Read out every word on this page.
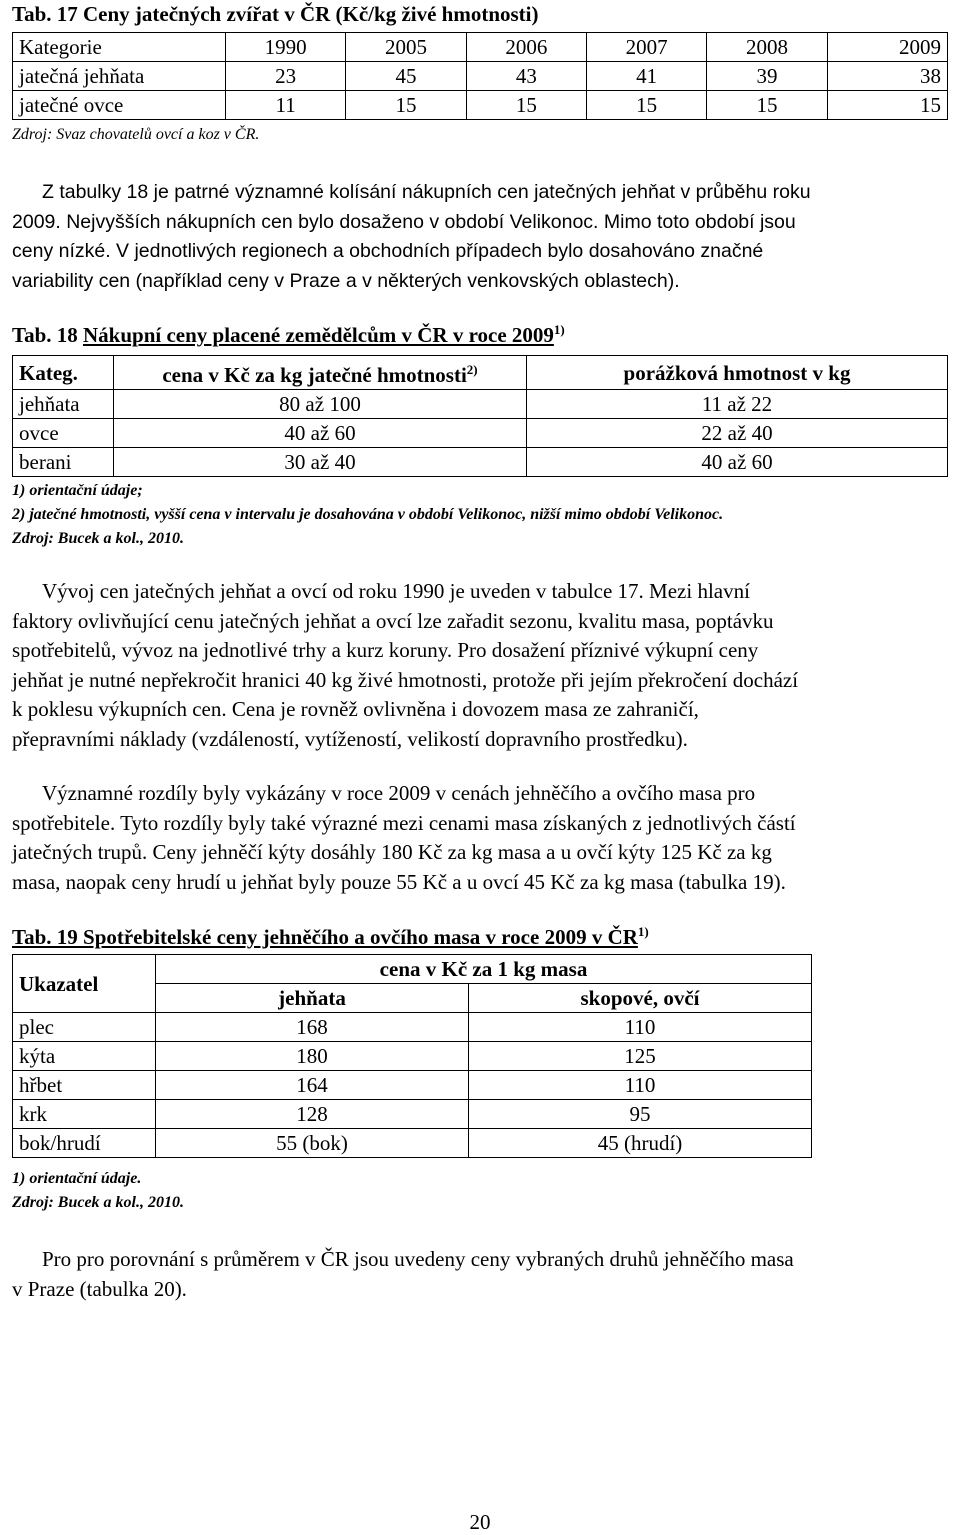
Tab. 17 Ceny jatečných zvířat v ČR (Kč/kg živé hmotnosti)
Kategorie	1990	2005	2006	2007	2008	2009
jatečná jehňata	23	45	43	41	39	38
jatečné ovce	11	15	15	15	15	15
Zdroj: Svaz chovatelů ovcí a koz v ČR.
Z tabulky 18 je patrné významné kolísání nákupních cen jatečných jehňat v průběhu roku
2009. Nejvyšších nákupních cen bylo dosaženo v období Velikonoc. Mimo toto období jsou
ceny nízké. V jednotlivých regionech a obchodních případech bylo dosahováno značné
variability cen (například ceny v Praze a v některých venkovských oblastech).
Tab. 18 Nákupní ceny placené zemědělcům v ČR v roce 2009$^{1)}$
Kateg.	cena v Kč za kg jatečné hmotnosti$^{2)}$	porážková hmotnost v kg
jehňata	80 až 100	11 až 22
ovce	40 až 60	22 až 40
berani	30 až 40	40 až 60
1) orientační údaje;
2) jatečné hmotnosti, vyšší cena v intervalu je dosahována v období Velikonoc, nižší mimo období Velikonoc.
Zdroj: Bucek a kol., 2010.
Vývoj cen jatečných jehňat a ovcí od roku 1990 je uveden v tabulce 17. Mezi hlavní
faktory ovlivňující cenu jatečných jehňat a ovcí lze zařadit sezonu, kvalitu masa, poptávku
spotřebitelů, vývoz na jednotlivé trhy a kurz koruny. Pro dosažení příznivé výkupní ceny
jehňat je nutné nepřekročit hranici 40 kg živé hmotnosti, protože při jejím překročení dochází
k poklesu výkupních cen. Cena je rovněž ovlivněna i dovozem masa ze zahraničí,
přepravními náklady (vzdáleností, vytížeností, velikostí dopravního prostředku).
Významné rozdíly byly vykázány v roce 2009 v cenách jehněčího a ovčího masa pro
spotřebitele. Tyto rozdíly byly také výrazné mezi cenami masa získaných z jednotlivých částí
jatečných trupů. Ceny jehněčí kýty dosáhly 180 Kč za kg masa a u ovčí kýty 125 Kč za kg
masa, naopak ceny hrudí u jehňat byly pouze 55 Kč a u ovcí 45 Kč za kg masa (tabulka 19).
Tab. 19 Spotřebitelské ceny jehněčího a ovčího masa v roce 2009 v ČR$^{1)}$
Ukazatel	cena v Kč za 1 kg masa	
	jehňata	skopové, ovčí
plec	168	110
kýta	180	125
hřbet	164	110
krk	128	95
bok/hrudí	55 (bok)	45 (hrudí)
1) orientační údaje.
Zdroj: Bucek a kol., 2010.
Pro pro porovnání s průměrem v ČR jsou uvedeny ceny vybraných druhů jehněčího masa
v Praze (tabulka 20).
20
